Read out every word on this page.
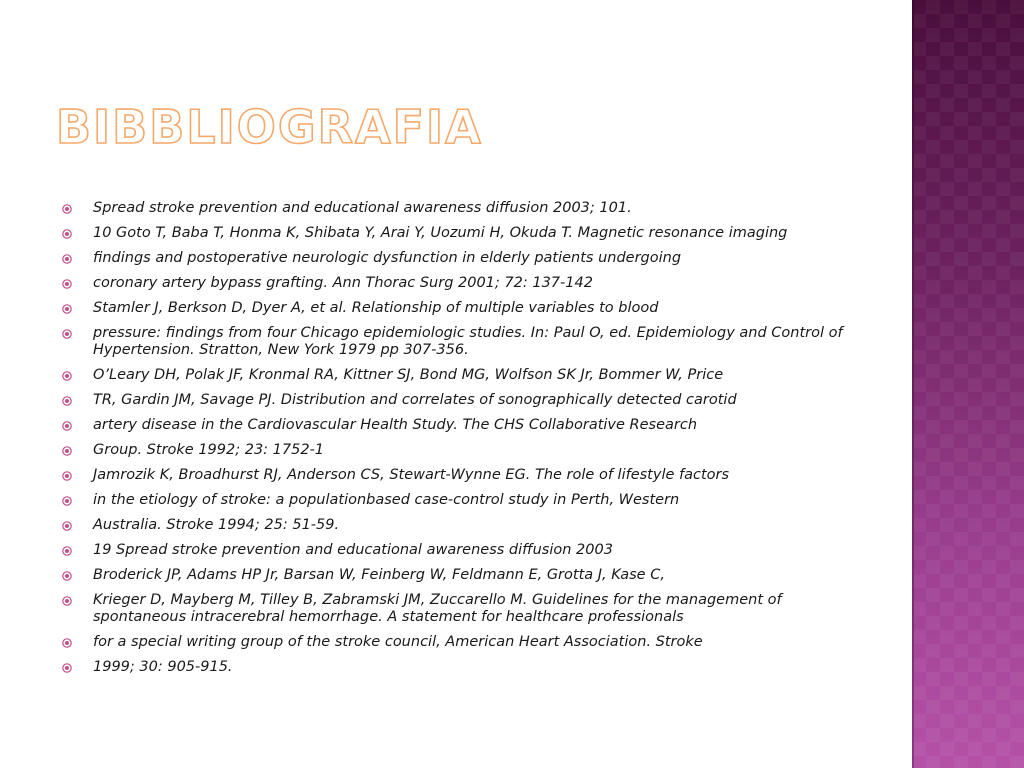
BIBBLIOGRAFIA
Spread stroke prevention and educational awareness diffusion 2003; 101.
10 Goto T, Baba T, Honma K, Shibata Y, Arai Y, Uozumi H, Okuda T. Magnetic resonance imaging
findings and postoperative neurologic dysfunction in elderly patients undergoing
coronary artery bypass grafting. Ann Thorac Surg 2001; 72: 137-142
Stamler J, Berkson D, Dyer A, et al. Relationship of multiple variables to blood
pressure: findings from four Chicago epidemiologic studies. In: Paul O, ed. Epidemiology and Control of Hypertension. Stratton, New York 1979 pp 307-356.
O’Leary DH, Polak JF, Kronmal RA, Kittner SJ, Bond MG, Wolfson SK Jr, Bommer W, Price
TR, Gardin JM, Savage PJ. Distribution and correlates of sonographically detected carotid
artery disease in the Cardiovascular Health Study. The CHS Collaborative Research
Group. Stroke 1992; 23: 1752-1
Jamrozik K, Broadhurst RJ, Anderson CS, Stewart-Wynne EG. The role of lifestyle factors
in the etiology of stroke: a populationbased case-control study in Perth, Western
Australia. Stroke 1994; 25: 51-59.
19 Spread stroke prevention and educational awareness diffusion 2003
Broderick JP, Adams HP Jr, Barsan W, Feinberg W, Feldmann E, Grotta J, Kase C,
Krieger D, Mayberg M, Tilley B, Zabramski JM, Zuccarello M. Guidelines for the management of spontaneous intracerebral hemorrhage. A statement for healthcare professionals
for a special writing group of the stroke council, American Heart Association. Stroke
1999; 30: 905-915.
